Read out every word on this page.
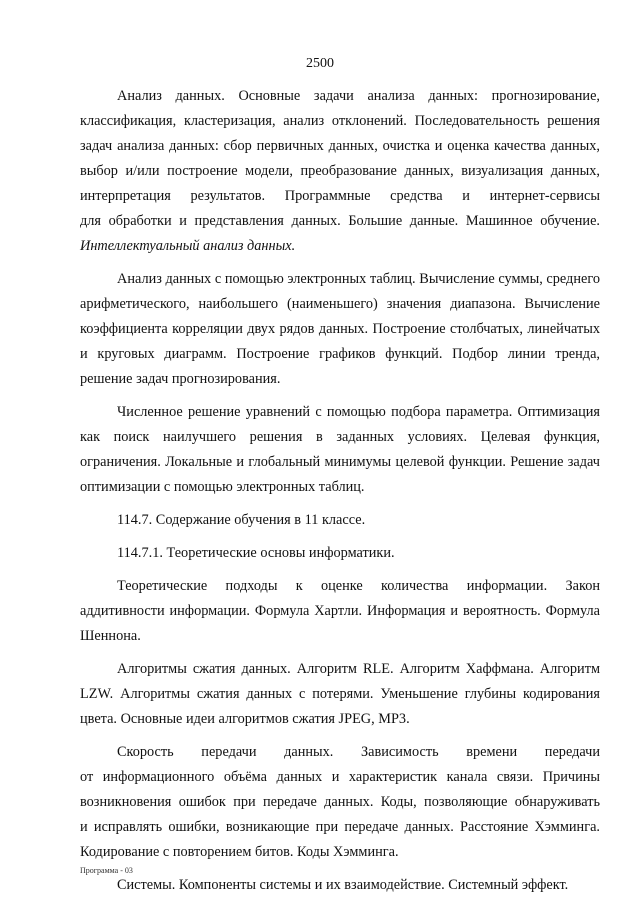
2500

Анализ данных. Основные задачи анализа данных: прогнозирование,
классификация, кластеризация, анализ отклонений. Последовательность решения
задач анализа данных: сбор первичных данных, очистка и оценка качества данных,
выбор и/или построение модели, преобразование данных, визуализация данных,
интерпретация результатов. Программные средства и интернет-сервисы
для обработки и представления данных. Большие данные. Машинное обучение.
Интеллектуальный анализ данных.

Анализ данных с помощью электронных таблиц. Вычисление суммы, среднего
арифметического, наибольшего (наименьшего) значения диапазона. Вычисление
коэффициента корреляции двух рядов данных. Построение столбчатых, линейчатых
и круговых диаграмм. Построение графиков функций. Подбор линии тренда,
решение задач прогнозирования.

Численное решение уравнений с помощью подбора параметра. Оптимизация
как поиск наилучшего решения в заданных условиях. Целевая функция,
ограничения. Локальные и глобальный минимумы целевой функции. Решение задач
оптимизации с помощью электронных таблиц.

114.7. Содержание обучения в 11 классе.

114.7.1. Теоретические основы информатики.

Теоретические подходы к оценке количества информации. Закон
аддитивности информации. Формула Хартли. Информация и вероятность. Формула
Шеннона.

Алгоритмы сжатия данных. Алгоритм RLE. Алгоритм Хаффмана. Алгоритм
LZW. Алгоритмы сжатия данных с потерями. Уменьшение глубины кодирования
цвета. Основные идеи алгоритмов сжатия JPEG, MP3.

Скорость передачи данных. Зависимость времени передачи
от информационного объёма данных и характеристик канала связи. Причины
возникновения ошибок при передаче данных. Коды, позволяющие обнаруживать
и исправлять ошибки, возникающие при передаче данных. Расстояние Хэмминга.
Кодирование с повторением битов. Коды Хэмминга.

Системы. Компоненты системы и их взаимодействие. Системный эффект.

Программа - 03
